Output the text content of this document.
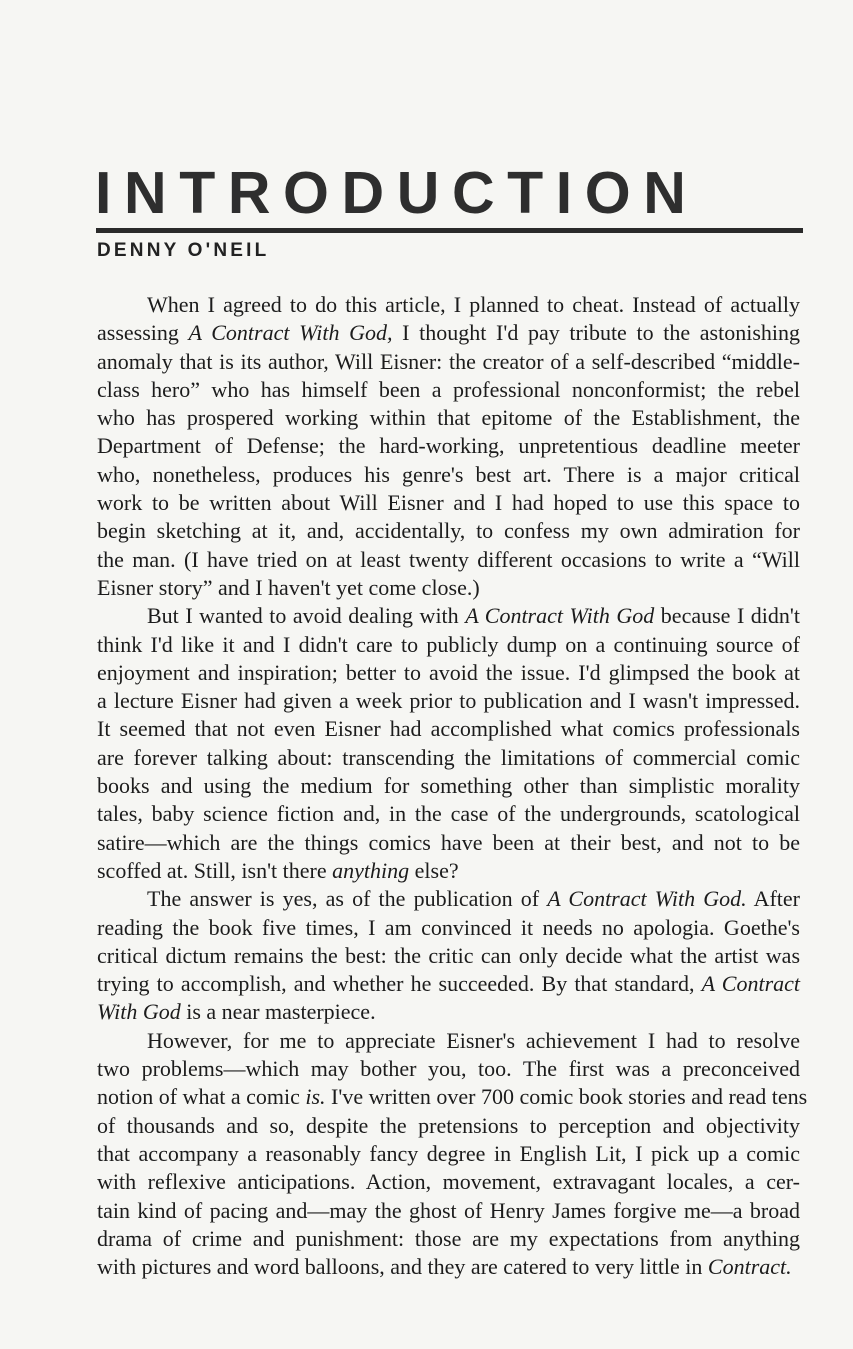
INTRODUCTION
DENNY O'NEIL
When I agreed to do this article, I planned to cheat. Instead of actually
assessing A Contract With God, I thought I'd pay tribute to the astonishing
anomaly that is its author, Will Eisner: the creator of a self-described “middle-
class hero” who has himself been a professional nonconformist; the rebel
who has prospered working within that epitome of the Establishment, the
Department of Defense; the hard-working, unpretentious deadline meeter
who, nonetheless, produces his genre's best art. There is a major critical
work to be written about Will Eisner and I had hoped to use this space to
begin sketching at it, and, accidentally, to confess my own admiration for
the man. (I have tried on at least twenty different occasions to write a “Will
Eisner story” and I haven't yet come close.)
But I wanted to avoid dealing with A Contract With God because I didn't
think I'd like it and I didn't care to publicly dump on a continuing source of
enjoyment and inspiration; better to avoid the issue. I'd glimpsed the book at
a lecture Eisner had given a week prior to publication and I wasn't impressed.
It seemed that not even Eisner had accomplished what comics professionals
are forever talking about: transcending the limitations of commercial comic
books and using the medium for something other than simplistic morality
tales, baby science fiction and, in the case of the undergrounds, scatological
satire—which are the things comics have been at their best, and not to be
scoffed at. Still, isn't there anything else?
The answer is yes, as of the publication of A Contract With God. After
reading the book five times, I am convinced it needs no apologia. Goethe's
critical dictum remains the best: the critic can only decide what the artist was
trying to accomplish, and whether he succeeded. By that standard, A Contract
With God is a near masterpiece.
However, for me to appreciate Eisner's achievement I had to resolve
two problems—which may bother you, too. The first was a preconceived
notion of what a comic is. I've written over 700 comic book stories and read tens
of thousands and so, despite the pretensions to perception and objectivity
that accompany a reasonably fancy degree in English Lit, I pick up a comic
with reflexive anticipations. Action, movement, extravagant locales, a cer-
tain kind of pacing and—may the ghost of Henry James forgive me—a broad
drama of crime and punishment: those are my expectations from anything
with pictures and word balloons, and they are catered to very little in Contract.
